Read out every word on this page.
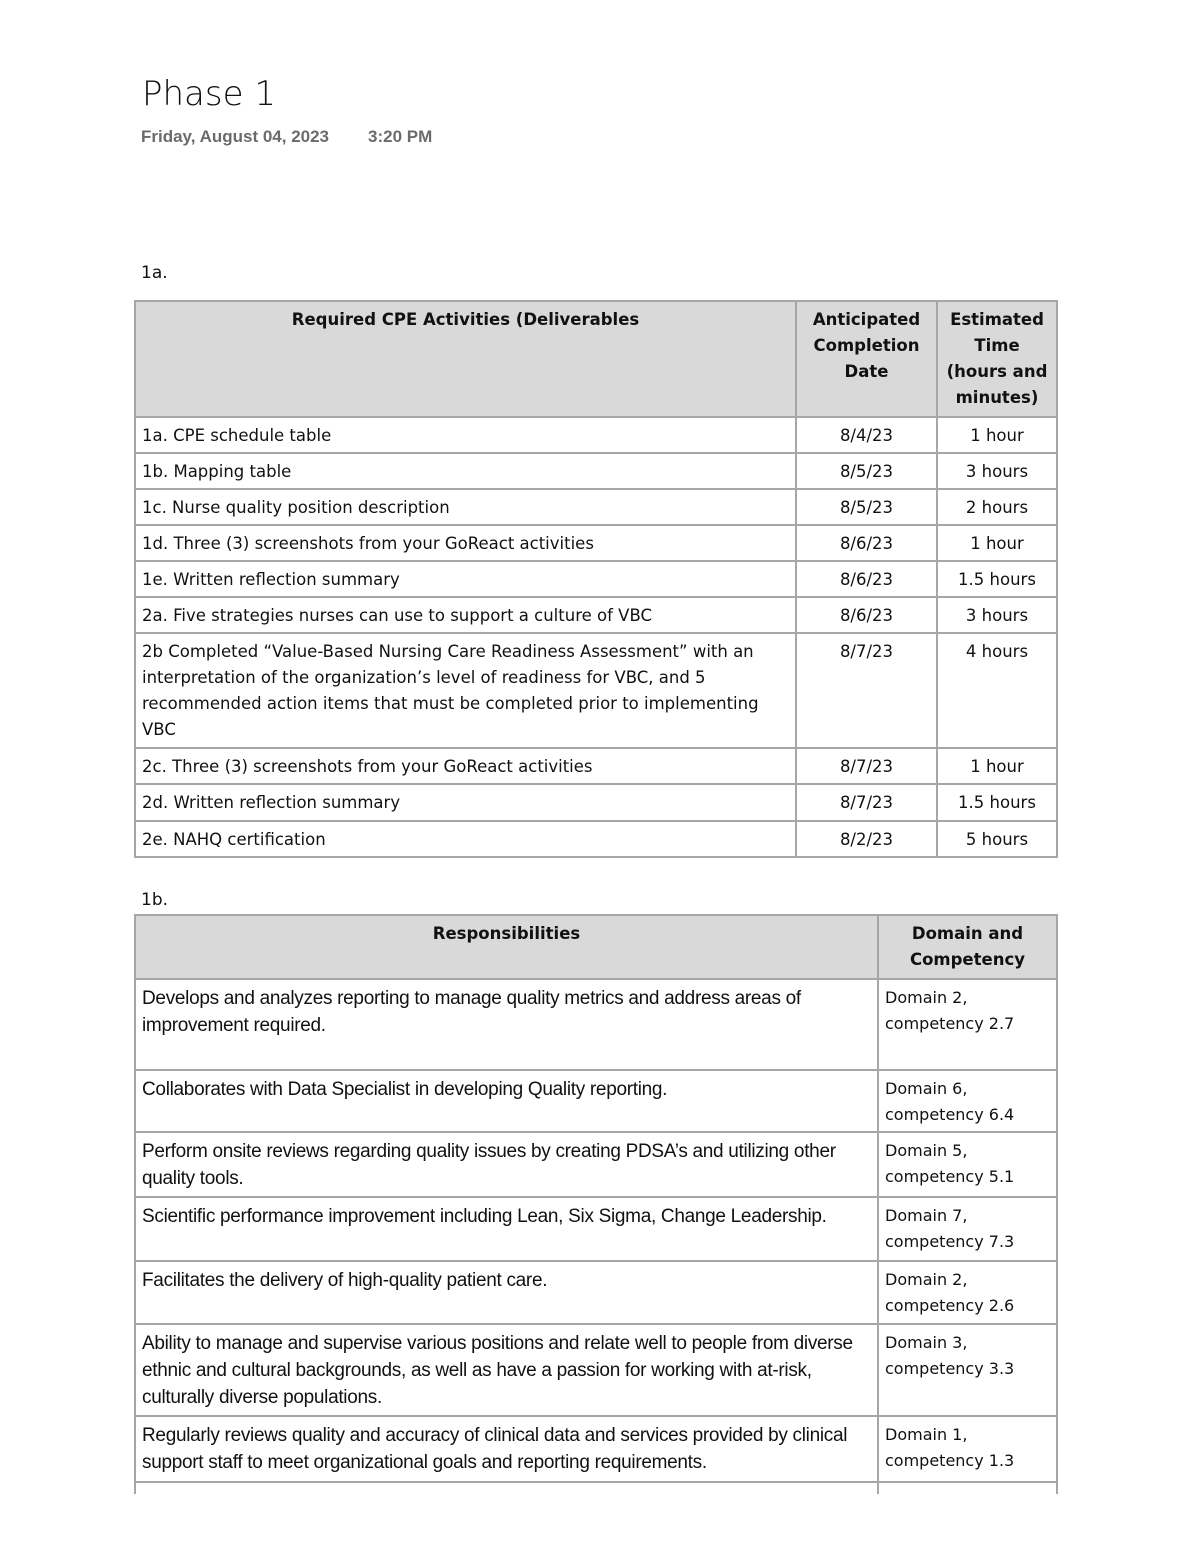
Phase 1
Friday, August 04, 2023 3:20 PM
1a.
Required CPE Activities (Deliverables	Anticipated Completion Date	Estimated Time (hours and minutes)
1a. CPE schedule table	8/4/23	1 hour
1b. Mapping table	8/5/23	3 hours
1c. Nurse quality position description	8/5/23	2 hours
1d. Three (3) screenshots from your GoReact activities	8/6/23	1 hour
1e. Written reflection summary	8/6/23	1.5 hours
2a. Five strategies nurses can use to support a culture of VBC	8/6/23	3 hours
2b Completed “Value-Based Nursing Care Readiness Assessment” with an interpretation of the organization’s level of readiness for VBC, and 5 recommended action items that must be completed prior to implementing VBC	8/7/23	4 hours
2c. Three (3) screenshots from your GoReact activities	8/7/23	1 hour
2d. Written reflection summary	8/7/23	1.5 hours
2e. NAHQ certification	8/2/23	5 hours
1b.
Responsibilities	Domain and Competency
Develops and analyzes reporting to manage quality metrics and address areas of improvement required.	Domain 2, competency 2.7
Collaborates with Data Specialist in developing Quality reporting.	Domain 6, competency 6.4
Perform onsite reviews regarding quality issues by creating PDSA’s and utilizing other quality tools.	Domain 5, competency 5.1
Scientific performance improvement including Lean, Six Sigma, Change Leadership.	Domain 7, competency 7.3
Facilitates the delivery of high-quality patient care.	Domain 2, competency 2.6
Ability to manage and supervise various positions and relate well to people from diverse ethnic and cultural backgrounds, as well as have a passion for working with at-risk, culturally diverse populations.	Domain 3, competency 3.3
Regularly reviews quality and accuracy of clinical data and services provided by clinical support staff to meet organizational goals and reporting requirements.	Domain 1, competency 1.3
